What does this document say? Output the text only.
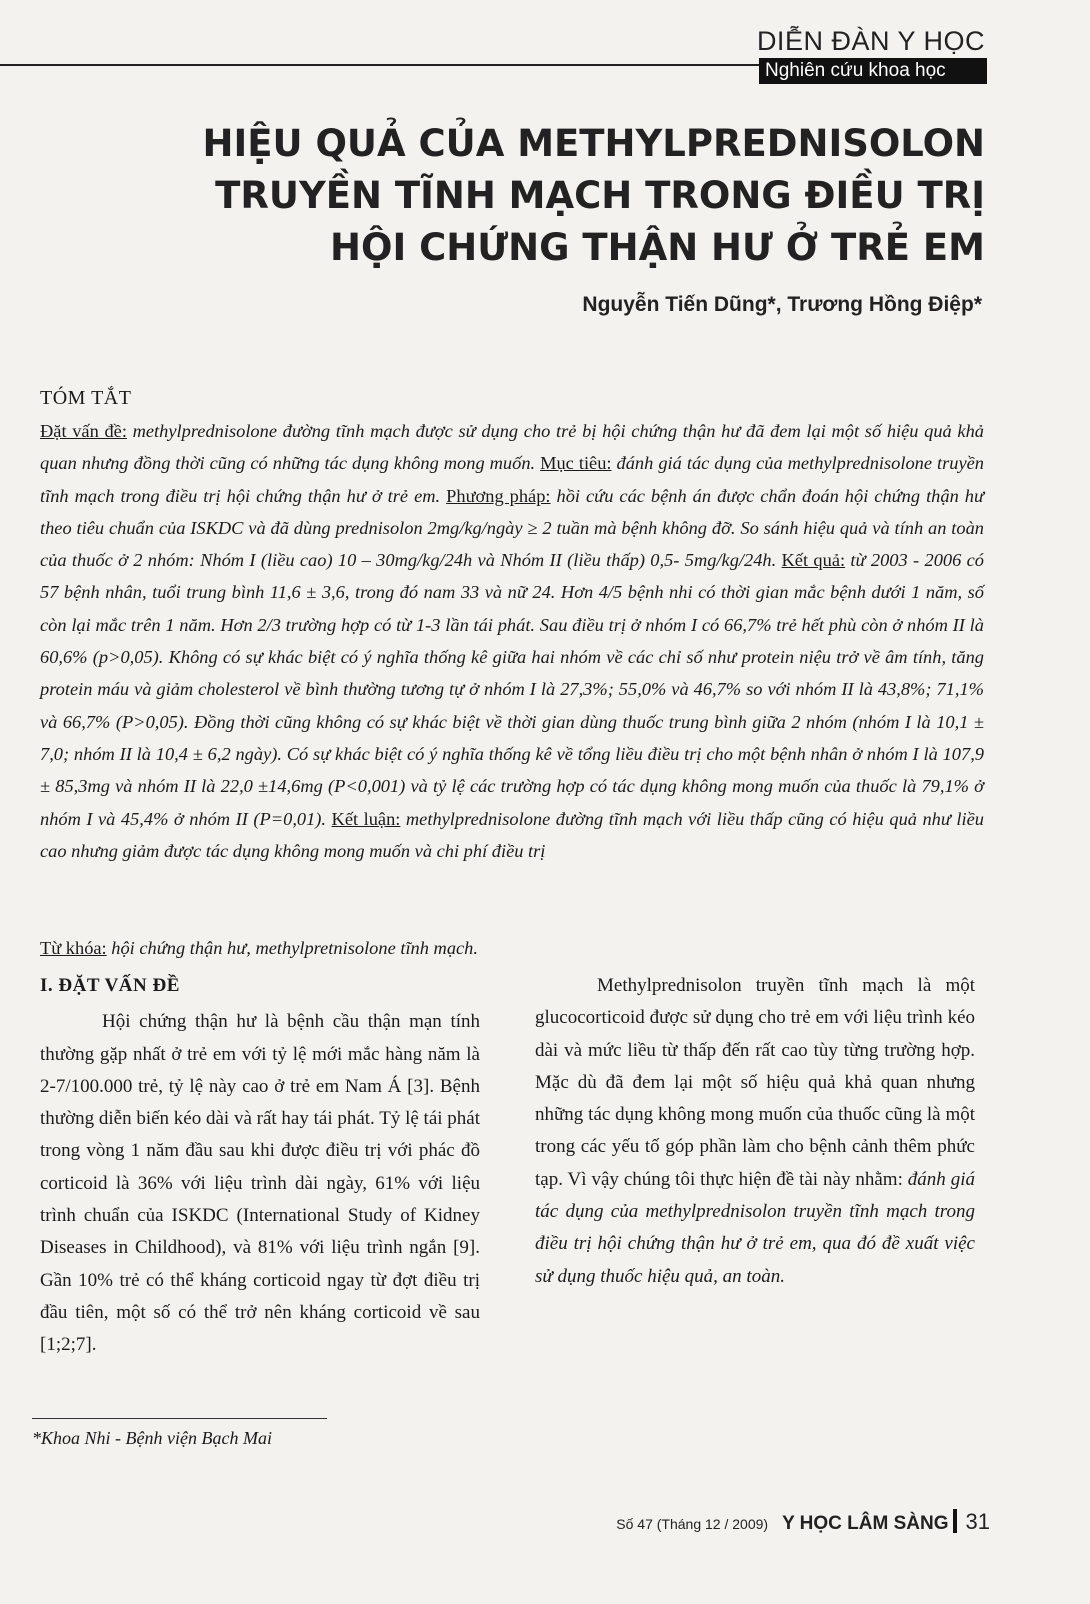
DIỄN ĐÀN Y HỌC
Nghiên cứu khoa học
HIỆU QUẢ CỦA METHYLPREDNISOLON
TRUYỀN TĨNH MẠCH TRONG ĐIỀU TRỊ
HỘI CHỨNG THẬN HƯ Ở TRẺ EM
Nguyễn Tiến Dũng*, Trương Hồng Điệp*
TÓM TẮT
Đặt vấn đề: methylprednisolone đường tĩnh mạch được sử dụng cho trẻ bị hội chứng thận hư đã đem lại một số hiệu quả khả quan nhưng đồng thời cũng có những tác dụng không mong muốn. Mục tiêu: đánh giá tác dụng của methylprednisolone truyền tĩnh mạch trong điều trị hội chứng thận hư ở trẻ em. Phương pháp: hồi cứu các bệnh án được chẩn đoán hội chứng thận hư theo tiêu chuẩn của ISKDC và đã dùng prednisolon 2mg/kg/ngày ≥ 2 tuần mà bệnh không đỡ. So sánh hiệu quả và tính an toàn của thuốc ở 2 nhóm: Nhóm I (liều cao) 10 – 30mg/kg/24h và Nhóm II (liều thấp) 0,5- 5mg/kg/24h. Kết quả: từ 2003 - 2006 có 57 bệnh nhân, tuổi trung bình 11,6 ± 3,6, trong đó nam 33 và nữ 24. Hơn 4/5 bệnh nhi có thời gian mắc bệnh dưới 1 năm, số còn lại mắc trên 1 năm. Hơn 2/3 trường hợp có từ 1-3 lần tái phát. Sau điều trị ở nhóm I có 66,7% trẻ hết phù còn ở nhóm II là 60,6% (p>0,05). Không có sự khác biệt có ý nghĩa thống kê giữa hai nhóm về các chỉ số như protein niệu trở về âm tính, tăng protein máu và giảm cholesterol về bình thường tương tự ở nhóm I là 27,3%; 55,0% và 46,7% so với nhóm II là 43,8%; 71,1% và 66,7% (P>0,05). Đồng thời cũng không có sự khác biệt về thời gian dùng thuốc trung bình giữa 2 nhóm (nhóm I là 10,1 ± 7,0; nhóm II là 10,4 ± 6,2 ngày). Có sự khác biệt có ý nghĩa thống kê về tổng liều điều trị cho một bệnh nhân ở nhóm I là 107,9 ± 85,3mg và nhóm II là 22,0 ±14,6mg (P<0,001) và tỷ lệ các trường hợp có tác dụng không mong muốn của thuốc là 79,1% ở nhóm I và 45,4% ở nhóm II (P=0,01). Kết luận: methylprednisolone đường tĩnh mạch với liều thấp cũng có hiệu quả như liều cao nhưng giảm được tác dụng không mong muốn và chi phí điều trị
Từ khóa: hội chứng thận hư, methylpretnisolone tĩnh mạch.
I. ĐẶT VẤN ĐỀ

Hội chứng thận hư là bệnh cầu thận mạn tính thường gặp nhất ở trẻ em với tỷ lệ mới mắc hàng năm là 2-7/100.000 trẻ, tỷ lệ này cao ở trẻ em Nam Á [3]. Bệnh thường diễn biến kéo dài và rất hay tái phát. Tỷ lệ tái phát trong vòng 1 năm đầu sau khi được điều trị với phác đồ corticoid là 36% với liệu trình dài ngày, 61% với liệu trình chuẩn của ISKDC (International Study of Kidney Diseases in Childhood), và 81% với liệu trình ngắn [9]. Gần 10% trẻ có thể kháng corticoid ngay từ đợt điều trị đầu tiên, một số có thể trở nên kháng corticoid về sau [1;2;7].

Methylprednisolon truyền tĩnh mạch là một glucocorticoid được sử dụng cho trẻ em với liệu trình kéo dài và mức liều từ thấp đến rất cao tùy từng trường hợp. Mặc dù đã đem lại một số hiệu quả khả quan nhưng những tác dụng không mong muốn của thuốc cũng là một trong các yếu tố góp phần làm cho bệnh cảnh thêm phức tạp. Vì vậy chúng tôi thực hiện đề tài này nhằm: đánh giá tác dụng của methylprednisolon truyền tĩnh mạch trong điều trị hội chứng thận hư ở trẻ em, qua đó đề xuất việc sử dụng thuốc hiệu quả, an toàn.

*Khoa Nhi - Bệnh viện Bạch Mai
Số 47 (Tháng 12 / 2009) Y HỌC LÂM SÀNG 31
